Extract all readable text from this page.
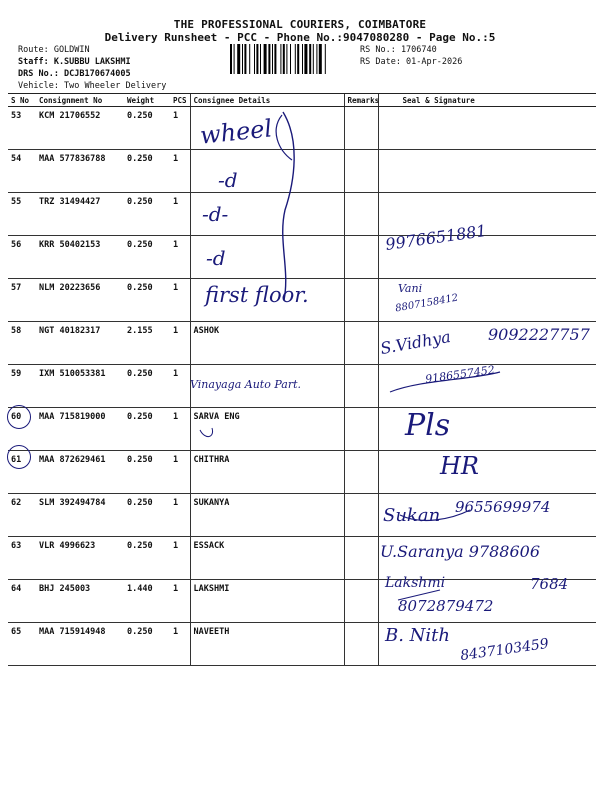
THE PROFESSIONAL COURIERS, COIMBATORE
Delivery Runsheet - PCC - Phone No.:9047080280 - Page No.:5
Route: GOLDWIN
Staff: K.SUBBU LAKSHMI
DRS No.: DCJB170674005
Vehicle: Two Wheeler Delivery
RS No.: 1706740
RS Date: 01-Apr-2026
S No	Consignment No	Weight	PCS	Consignee Details	Remarks	Seal & Signature
53	KCM 21706552	0.250	1			
54	MAA 577836788	0.250	1			
55	TRZ 31494427	0.250	1			
56	KRR 50402153	0.250	1			
57	NLM 20223656	0.250	1			
58	NGT 40182317	2.155	1	ASHOK		
59	IXM 510053381	0.250	1			
60	MAA 715819000	0.250	1	SARVA ENG		
61	MAA 872629461	0.250	1	CHITHRA		
62	SLM 392494784	0.250	1	SUKANYA		
63	VLR 4996623	0.250	1	ESSACK		
64	BHJ 245003	1.440	1	LAKSHMI		
65	MAA 715914948	0.250	1	NAVEETH		
wheel
-d
-d-
-d
first floor.
Vinayaga Auto Part.
9976651881
Vani
8807158412
S.Vidhya 9092227757
9186557452
Pls
HR
Sukan 9655699974
U.Saranya 9788606
Lakshmi	7684
8072879472
B. Nith
8437103459
